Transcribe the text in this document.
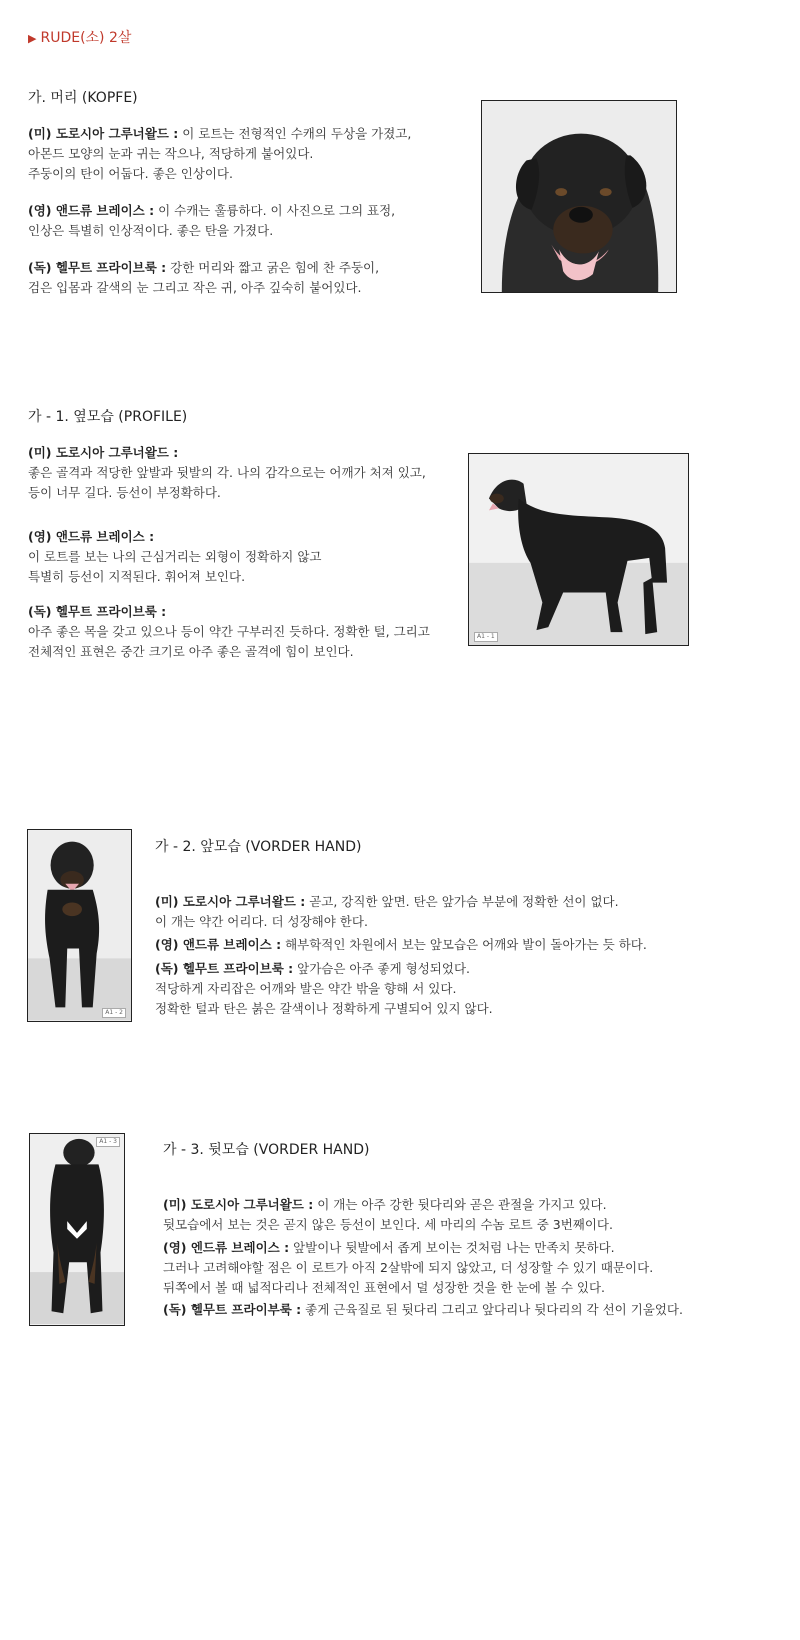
▶ RUDE(소) 2살
가. 머리 (KOPFE)
(미) 도로시아 그루너왈드 : 이 로트는 전형적인 수캐의 두상을 가졌고,
아몬드 모양의 눈과 귀는 작으나, 적당하게 붙어있다.
주둥이의 탄이 어둡다. 좋은 인상이다.
(영) 앤드류 브레이스 : 이 수캐는 훌륭하다. 이 사진으로 그의 표정,
인상은 특별히 인상적이다. 좋은 탄을 가졌다.
(독) 헬무트 프라이브룩 : 강한 머리와 짧고 굵은 힘에 찬 주둥이,
검은 입몸과 갈색의 눈 그리고 작은 귀, 아주 깊숙히 붙어있다.
가 - 1. 옆모습 (PROFILE)
(미) 도로시아 그루너왈드 :
좋은 골격과 적당한 앞발과 뒷발의 각. 나의 감각으로는 어깨가 처져 있고,
등이 너무 길다. 등선이 부정확하다.
(영) 앤드류 브레이스 :
이 로트를 보는 나의 근심거리는 외형이 정확하지 않고
특별히 등선이 지적된다. 휘어져 보인다.
(독) 헬무트 프라이브룩 :
아주 좋은 목을 갖고 있으나 등이 약간 구부러진 듯하다. 정확한 털, 그리고
전체적인 표현은 중간 크기로 아주 좋은 골격에 힘이 보인다.
A1 - 1
A1 - 2
가 - 2. 앞모습 (VORDER HAND)
(미) 도로시아 그루너왈드 : 곧고, 강직한 앞면. 탄은 앞가슴 부분에 정확한 선이 없다.
이 개는 약간 어리다. 더 성장해야 한다.
(영) 앤드류 브레이스 : 해부학적인 차원에서 보는 앞모습은 어깨와 발이 돌아가는 듯 하다.
(독) 헬무트 프라이브룩 : 앞가슴은 아주 좋게 형성되었다.
적당하게 자리잡은 어깨와 발은 약간 밖을 향해 서 있다.
정확한 털과 탄은 붉은 갈색이나 정확하게 구별되어 있지 않다.
A1 - 3
가 - 3. 뒷모습 (VORDER HAND)
(미) 도로시아 그루너왈드 : 이 개는 아주 강한 뒷다리와 곧은 관절을 가지고 있다.
뒷모습에서 보는 것은 곧지 않은 등선이 보인다. 세 마리의 수놈 로트 중 3번째이다.
(영) 엔드류 브레이스 : 앞발이나 뒷발에서 좁게 보이는 것처럼 나는 만족치 못하다.
그러나 고려해야할 점은 이 로트가 아직 2살밖에 되지 않았고, 더 성장할 수 있기 때문이다.
뒤쪽에서 볼 때 넓적다리나 전체적인 표현에서 덜 성장한 것을 한 눈에 볼 수 있다.
(독) 헬무트 프라이부룩 : 좋게 근육질로 된 뒷다리 그리고 앞다리나 뒷다리의 각 선이 기울었다.
